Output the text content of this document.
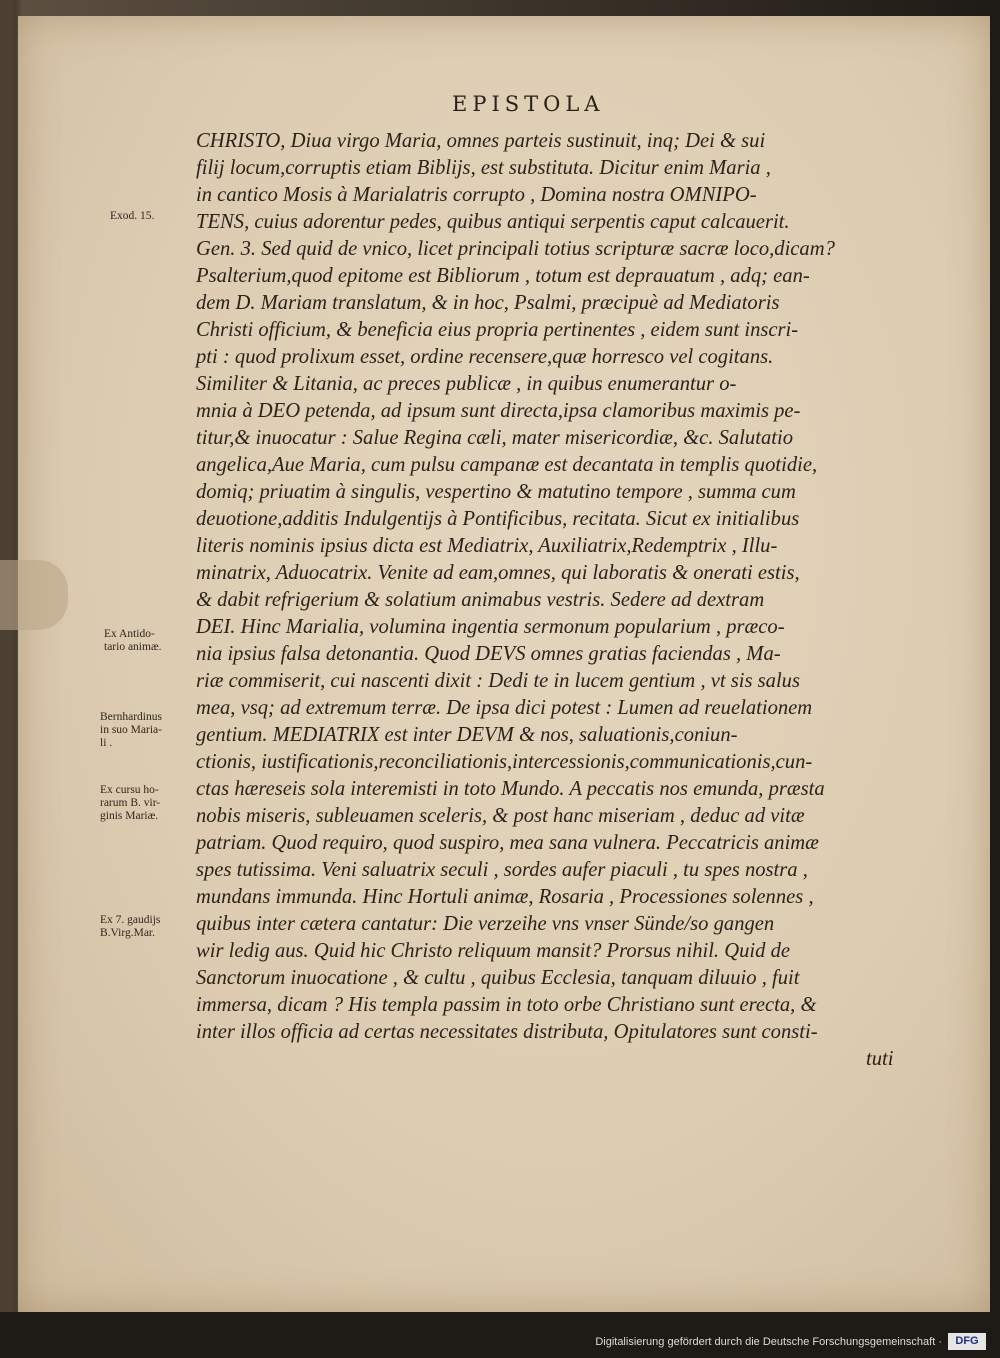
EPISTOLA
CHRISTO, Diua virgo Maria, omnes parteis sustinuit, inq; Dei & sui
filij locum,corruptis etiam Biblijs, est substituta. Dicitur enim Maria ,
in cantico Mosis à Marialatris corrupto , Domina nostra OMNIPO-
TENS, cuius adorentur pedes, quibus antiqui serpentis caput calcauerit.
Gen. 3. Sed quid de vnico, licet principali totius scripturæ sacræ loco,dicam?
Psalterium,quod epitome est Bibliorum , totum est deprauatum , adq; ean-
dem D. Mariam translatum, & in hoc, Psalmi, præcipuè ad Mediatoris
Christi officium, & beneficia eius propria pertinentes , eidem sunt inscri-
pti : quod prolixum esset, ordine recensere,quæ horresco vel cogitans.
Similiter & Litania, ac preces publicæ , in quibus enumerantur o-
mnia à DEO petenda, ad ipsum sunt directa,ipsa clamoribus maximis pe-
titur,& inuocatur : Salue Regina cæli, mater misericordiæ, &c. Salutatio
angelica,Aue Maria, cum pulsu campanæ est decantata in templis quotidie,
domiq; priuatim à singulis, vespertino & matutino tempore , summa cum
deuotione,additis Indulgentijs à Pontificibus, recitata. Sicut ex initialibus
literis nominis ipsius dicta est Mediatrix, Auxiliatrix,Redemptrix , Illu-
minatrix, Aduocatrix. Venite ad eam,omnes, qui laboratis & onerati estis,
& dabit refrigerium & solatium animabus vestris. Sedere ad dextram
DEI. Hinc Marialia, volumina ingentia sermonum popularium , præco-
nia ipsius falsa detonantia. Quod DEVS omnes gratias faciendas , Ma-
riæ commiserit, cui nascenti dixit : Dedi te in lucem gentium , vt sis salus
mea, vsq; ad extremum terræ. De ipsa dici potest : Lumen ad reuelationem
gentium. MEDIATRIX est inter DEVM & nos, saluationis,coniun-
ctionis, iustificationis,reconciliationis,intercessionis,communicationis,cun-
ctas hæreseis sola interemisti in toto Mundo. A peccatis nos emunda, præsta
nobis miseris, subleuamen sceleris, & post hanc miseriam , deduc ad vitæ
patriam. Quod requiro, quod suspiro, mea sana vulnera. Peccatricis animæ
spes tutissima. Veni saluatrix seculi , sordes aufer piaculi , tu spes nostra ,
mundans immunda. Hinc Hortuli animæ, Rosaria , Processiones solennes ,
quibus inter cætera cantatur: Die verzeihe vns vnser Sünde/so gangen
wir ledig aus. Quid hic Christo reliquum mansit? Prorsus nihil. Quid de
Sanctorum inuocatione , & cultu , quibus Ecclesia, tanquam diluuio , fuit
immersa, dicam ? His templa passim in toto orbe Christiano sunt erecta, &
inter illos officia ad certas necessitates distributa, Opitulatores sunt consti-
tuti
Exod. 15.
Ex Antido-
tario animæ.
Bernhardinus
in suo Maria-
li .
Ex cursu ho-
rarum B. vir-
ginis Mariæ.
Ex 7. gaudijs
B.Virg.Mar.
Digitalisierung gefördert durch die Deutsche Forschungsgemeinschaft ·	DFG
